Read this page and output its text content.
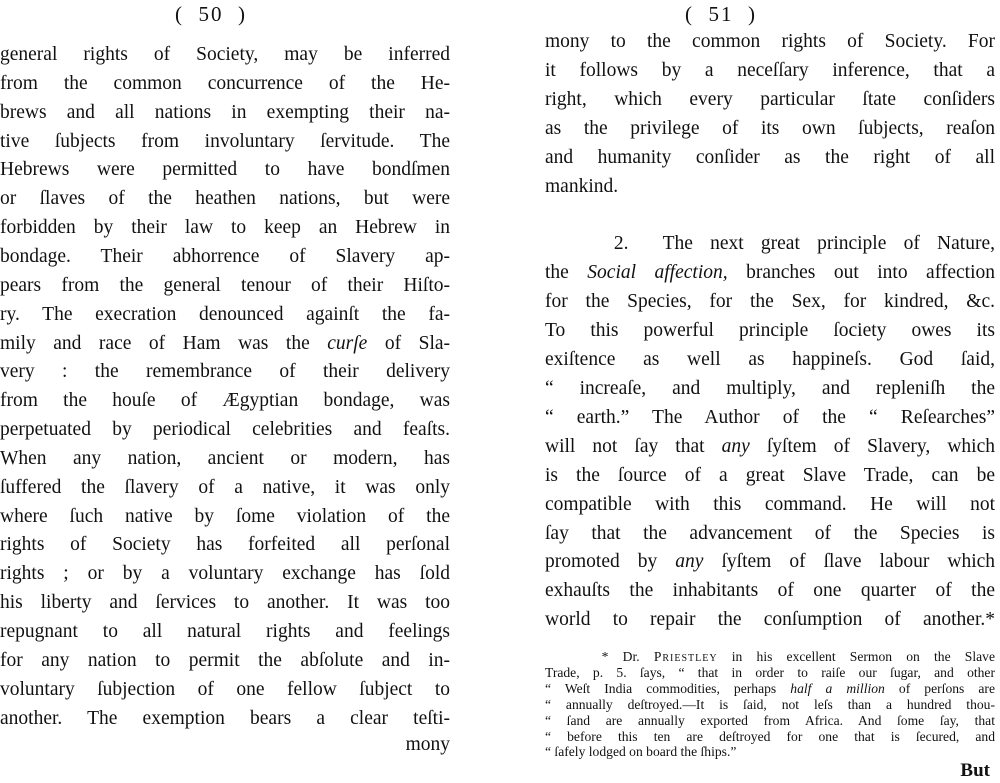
(  50  )
general rights of Society, may be inferred
from the common concurrence of the He-
brews and all nations in exempting their na-
tive ſubjects from involuntary ſervitude. The
Hebrews were permitted to have bondſmen
or ſlaves of the heathen nations, but were
forbidden by their law to keep an Hebrew in
bondage. Their abhorrence of Slavery ap-
pears from the general tenour of their Hiſto-
ry. The execration denounced againſt the fa-
mily and race of Ham was the curſe of Sla-
very : the remembrance of their delivery
from the houſe of Ægyptian bondage, was
perpetuated by periodical celebrities and feaſts.
When any nation, ancient or modern, has
ſuffered the ſlavery of a native, it was only
where ſuch native by ſome violation of the
rights of Society has forfeited all perſonal
rights ; or by a voluntary exchange has ſold
his liberty and ſervices to another. It was too
repugnant to all natural rights and feelings
for any nation to permit the abſolute and in-
voluntary ſubjection of one fellow ſubject to
another. The exemption bears a clear teſti-
mony
(  51  )
mony to the common rights of Society. For
it follows by a neceſſary inference, that a
right, which every particular ſtate conſiders
as the privilege of its own ſubjects, reaſon
and humanity conſider as the right of all
mankind.
2.  The next great principle of Nature,
the Social affection, branches out into affection
for the Species, for the Sex, for kindred, &c.
To this powerful principle ſociety owes its
exiſtence as well as happineſs. God ſaid,
“ increaſe, and multiply, and repleniſh the
“ earth.” The Author of the “ Reſearches”
will not ſay that any ſyſtem of Slavery, which
is the ſource of a great Slave Trade, can be
compatible with this command. He will not
ſay that the advancement of the Species is
promoted by any ſyſtem of ſlave labour which
exhauſts the inhabitants of one quarter of the
world to repair the conſumption of another.*
* Dr. Priestley in his excellent Sermon on the Slave
Trade, p. 5. ſays, “ that in order to raiſe our ſugar, and other
“ Weſt India commodities, perhaps half a million of perſons are
“ annually deſtroyed.—It is ſaid, not leſs than a hundred thou-
“ ſand are annually exported from Africa. And ſome ſay, that
“ before this ten are deſtroyed for one that is ſecured, and
“ ſafely lodged on board the ſhips.”
But
